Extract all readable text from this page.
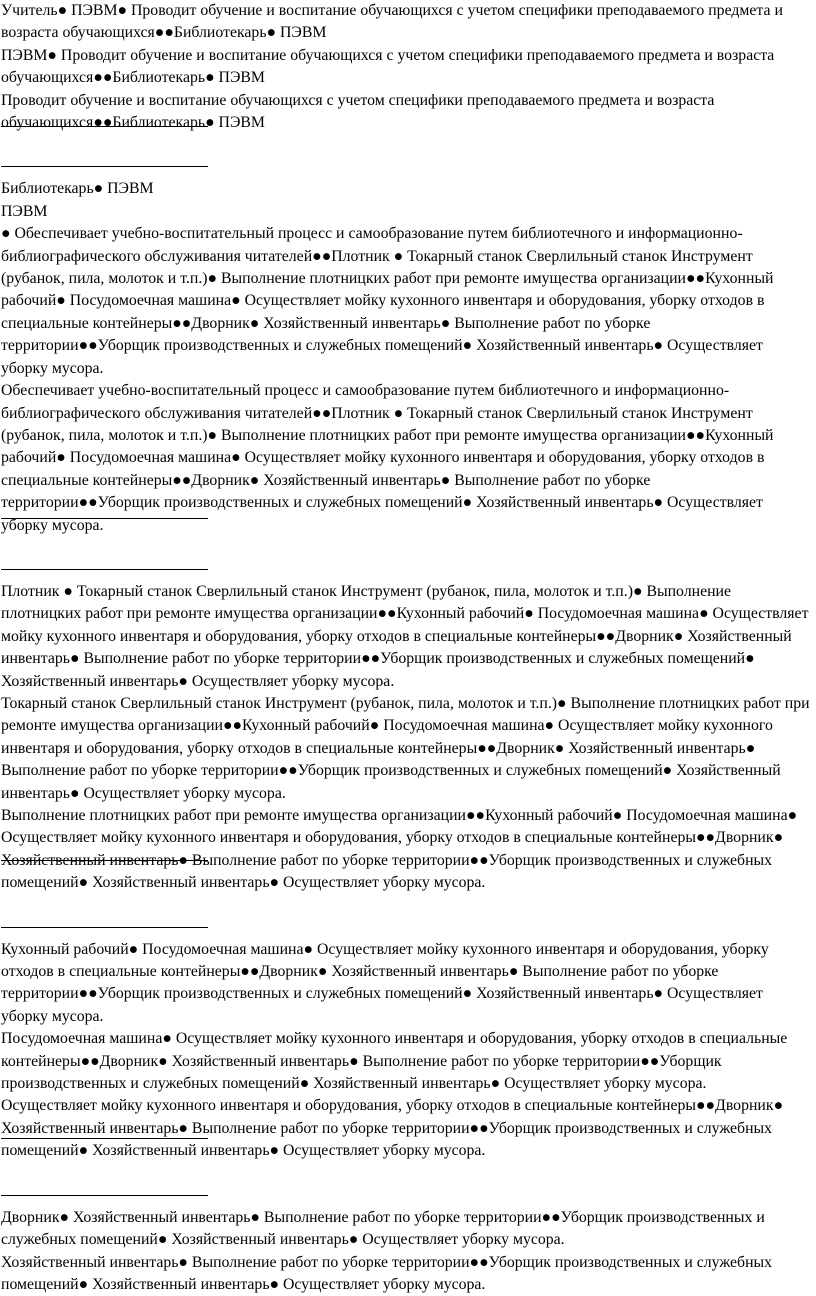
Учитель● ПЭВМ● Проводит обучение и воспитание обучающихся с учетом специфики преподаваемого предмета и возраста обучающихся●●Библиотекарь● ПЭВМ

ПЭВМ● Проводит обучение и воспитание обучающихся с учетом специфики преподаваемого предмета и возраста обучающихся●●Библиотекарь● ПЭВМ

Проводит обучение и воспитание обучающихся с учетом специфики преподаваемого предмета и возраста обучающихся●●Библиотекарь● ПЭВМ

Библиотекарь● ПЭВМ

ПЭВМ

● Обеспечивает учебно-воспитательный процесс и самообразование путем библиотечного и информационно-библиографического обслуживания читателей●●Плотник ● Токарный станок Сверлильный станок Инструмент (рубанок, пила, молоток и т.п.)● Выполнение плотницких работ при ремонте имущества организации●●Кухонный рабочий● Посудомоечная машина● Осуществляет мойку кухонного инвентаря и оборудования, уборку отходов в специальные контейнеры●●Дворник● Хозяйственный инвентарь● Выполнение работ по уборке территории●●Уборщик производственных и служебных помещений● Хозяйственный инвентарь● Осуществляет уборку мусора.

Обеспечивает учебно-воспитательный процесс и самообразование путем библиотечного и информационно-библиографического обслуживания читателей●●Плотник ● Токарный станок Сверлильный станок Инструмент (рубанок, пила, молоток и т.п.)● Выполнение плотницких работ при ремонте имущества организации●●Кухонный рабочий● Посудомоечная машина● Осуществляет мойку кухонного инвентаря и оборудования, уборку отходов в специальные контейнеры●●Дворник● Хозяйственный инвентарь● Выполнение работ по уборке территории●●Уборщик производственных и служебных помещений● Хозяйственный инвентарь● Осуществляет уборку мусора.

Плотник ● Токарный станок Сверлильный станок Инструмент (рубанок, пила, молоток и т.п.)● Выполнение плотницких работ при ремонте имущества организации●●Кухонный рабочий● Посудомоечная машина● Осуществляет мойку кухонного инвентаря и оборудования, уборку отходов в специальные контейнеры●●Дворник● Хозяйственный инвентарь● Выполнение работ по уборке территории●●Уборщик производственных и служебных помещений● Хозяйственный инвентарь● Осуществляет уборку мусора.

Токарный станок Сверлильный станок Инструмент (рубанок, пила, молоток и т.п.)● Выполнение плотницких работ при ремонте имущества организации●●Кухонный рабочий● Посудомоечная машина● Осуществляет мойку кухонного инвентаря и оборудования, уборку отходов в специальные контейнеры●●Дворник● Хозяйственный инвентарь● Выполнение работ по уборке территории●●Уборщик производственных и служебных помещений● Хозяйственный инвентарь● Осуществляет уборку мусора.

Выполнение плотницких работ при ремонте имущества организации●●Кухонный рабочий● Посудомоечная машина● Осуществляет мойку кухонного инвентаря и оборудования, уборку отходов в специальные контейнеры●●Дворник● Хозяйственный инвентарь● Выполнение работ по уборке территории●●Уборщик производственных и служебных помещений● Хозяйственный инвентарь● Осуществляет уборку мусора.

Кухонный рабочий● Посудомоечная машина● Осуществляет мойку кухонного инвентаря и оборудования, уборку отходов в специальные контейнеры●●Дворник● Хозяйственный инвентарь● Выполнение работ по уборке территории●●Уборщик производственных и служебных помещений● Хозяйственный инвентарь● Осуществляет уборку мусора.

Посудомоечная машина● Осуществляет мойку кухонного инвентаря и оборудования, уборку отходов в специальные контейнеры●●Дворник● Хозяйственный инвентарь● Выполнение работ по уборке территории●●Уборщик производственных и служебных помещений● Хозяйственный инвентарь● Осуществляет уборку мусора.

Осуществляет мойку кухонного инвентаря и оборудования, уборку отходов в специальные контейнеры●●Дворник● Хозяйственный инвентарь● Выполнение работ по уборке территории●●Уборщик производственных и служебных помещений● Хозяйственный инвентарь● Осуществляет уборку мусора.

Дворник● Хозяйственный инвентарь● Выполнение работ по уборке территории●●Уборщик производственных и служебных помещений● Хозяйственный инвентарь● Осуществляет уборку мусора.

Хозяйственный инвентарь● Выполнение работ по уборке территории●●Уборщик производственных и служебных помещений● Хозяйственный инвентарь● Осуществляет уборку мусора.
